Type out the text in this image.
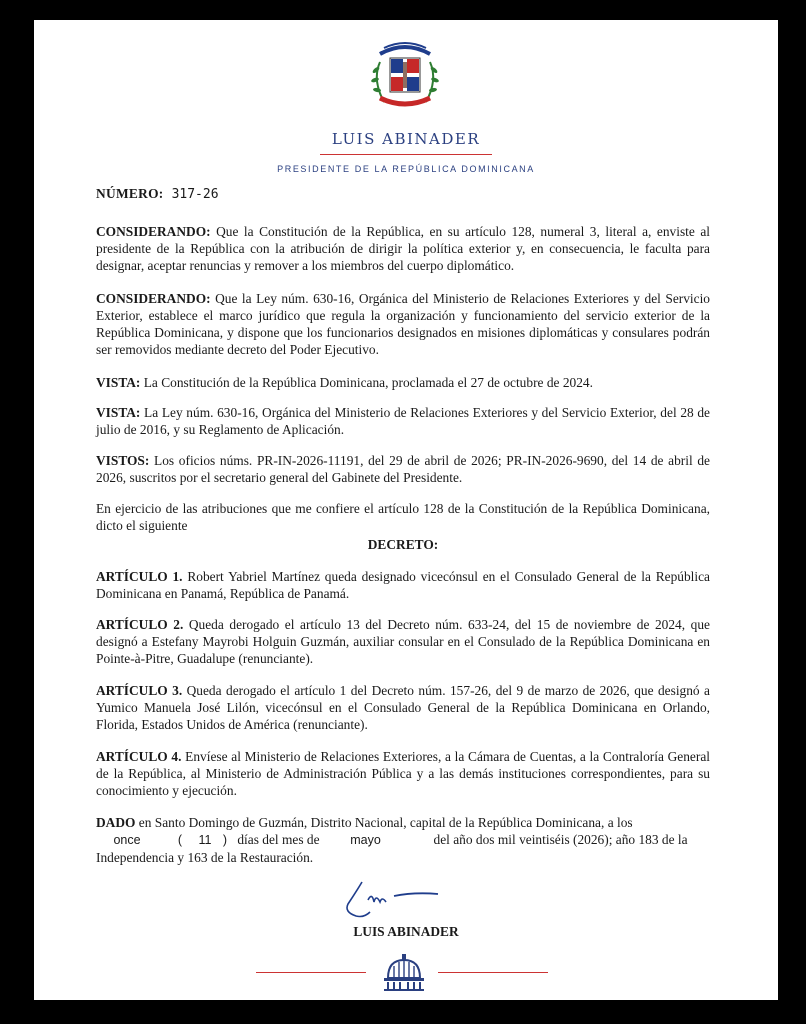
LUIS ABINADER
PRESIDENTE DE LA REPÚBLICA DOMINICANA
NÚMERO: 317-26

CONSIDERANDO: Que la Constitución de la República, en su artículo 128, numeral 3, literal a, enviste al presidente de la República con la atribución de dirigir la política exterior y, en consecuencia, le faculta para designar, aceptar renuncias y remover a los miembros del cuerpo diplomático.

CONSIDERANDO: Que la Ley núm. 630-16, Orgánica del Ministerio de Relaciones Exteriores y del Servicio Exterior, establece el marco jurídico que regula la organización y funcionamiento del servicio exterior de la República Dominicana, y dispone que los funcionarios designados en misiones diplomáticas y consulares podrán ser removidos mediante decreto del Poder Ejecutivo.

VISTA: La Constitución de la República Dominicana, proclamada el 27 de octubre de 2024.

VISTA: La Ley núm. 630-16, Orgánica del Ministerio de Relaciones Exteriores y del Servicio Exterior, del 28 de julio de 2016, y su Reglamento de Aplicación.

VISTOS: Los oficios núms. PR-IN-2026-11191, del 29 de abril de 2026; PR-IN-2026-9690, del 14 de abril de 2026, suscritos por el secretario general del Gabinete del Presidente.

En ejercicio de las atribuciones que me confiere el artículo 128 de la Constitución de la República Dominicana, dicto el siguiente

DECRETO:

ARTÍCULO 1. Robert Yabriel Martínez queda designado vicecónsul en el Consulado General de la República Dominicana en Panamá, República de Panamá.

ARTÍCULO 2. Queda derogado el artículo 13 del Decreto núm. 633-24, del 15 de noviembre de 2024, que designó a Estefany Mayrobi Holguin Guzmán, auxiliar consular en el Consulado de la República Dominicana en Pointe-à-Pitre, Guadalupe (renunciante).

ARTÍCULO 3. Queda derogado el artículo 1 del Decreto núm. 157-26, del 9 de marzo de 2026, que designó a Yumico Manuela José Lilón, vicecónsul en el Consulado General de la República Dominicana en Orlando, Florida, Estados Unidos de América (renunciante).

ARTÍCULO 4. Envíese al Ministerio de Relaciones Exteriores, a la Cámara de Cuentas, a la Contraloría General de la República, al Ministerio de Administración Pública y a las demás instituciones correspondientes, para su conocimiento y ejecución.

DADO en Santo Domingo de Guzmán, Distrito Nacional, capital de la República Dominicana, a los

once	( 11 ) días del mes de mayo	del año dos mil veintiséis (2026); año 183 de la Independencia y 163 de la Restauración.

LUIS ABINADER
